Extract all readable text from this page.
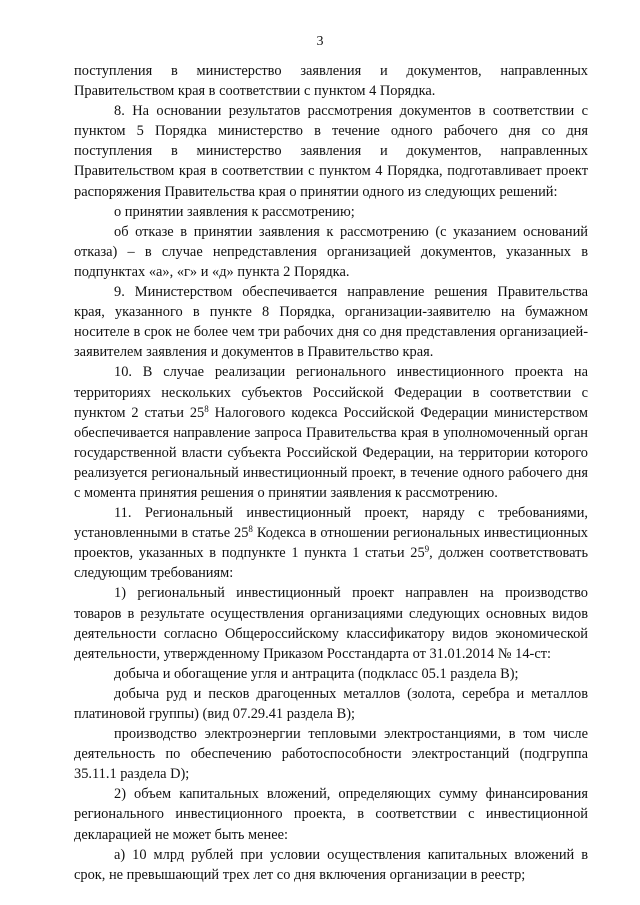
3

поступления в министерство заявления и документов, направленных Правительством края в соответствии с пунктом 4 Порядка.

8. На основании результатов рассмотрения документов в соответствии с пунктом 5 Порядка министерство в течение одного рабочего дня со дня поступления в министерство заявления и документов, направленных Правительством края в соответствии с пунктом 4 Порядка, подготавливает проект распоряжения Правительства края о принятии одного из следующих решений:

о принятии заявления к рассмотрению;

об отказе в принятии заявления к рассмотрению (с указанием оснований отказа) – в случае непредставления организацией документов, указанных в подпунктах «а», «г» и «д» пункта 2 Порядка.

9. Министерством обеспечивается направление решения Правительства края, указанного в пункте 8 Порядка, организации-заявителю на бумажном носителе в срок не более чем три рабочих дня со дня представления организацией-заявителем заявления и документов в Правительство края.

10. В случае реализации регионального инвестиционного проекта на территориях нескольких субъектов Российской Федерации в соответствии с пунктом 2 статьи $25^8$ Налогового кодекса Российской Федерации министерством обеспечивается направление запроса Правительства края в уполномоченный орган государственной власти субъекта Российской Федерации, на территории которого реализуется региональный инвестиционный проект, в течение одного рабочего дня с момента принятия решения о принятии заявления к рассмотрению.

11. Региональный инвестиционный проект, наряду с требованиями, установленными в статье $25^8$ Кодекса в отношении региональных инвестиционных проектов, указанных в подпункте 1 пункта 1 статьи $25^9$, должен соответствовать следующим требованиям:

1) региональный инвестиционный проект направлен на производство товаров в результате осуществления организациями следующих основных видов деятельности согласно Общероссийскому классификатору видов экономической деятельности, утвержденному Приказом Росстандарта от 31.01.2014 № 14-ст:

добыча и обогащение угля и антрацита (подкласс 05.1 раздела B);

добыча руд и песков драгоценных металлов (золота, серебра и металлов платиновой группы) (вид 07.29.41 раздела B);

производство электроэнергии тепловыми электростанциями, в том числе деятельность по обеспечению работоспособности электростанций (подгруппа 35.11.1 раздела D);

2) объем капитальных вложений, определяющих сумму финансирования регионального инвестиционного проекта, в соответствии с инвестиционной декларацией не может быть менее:

а) 10 млрд рублей при условии осуществления капитальных вложений в срок, не превышающий трех лет со дня включения организации в реестр;
